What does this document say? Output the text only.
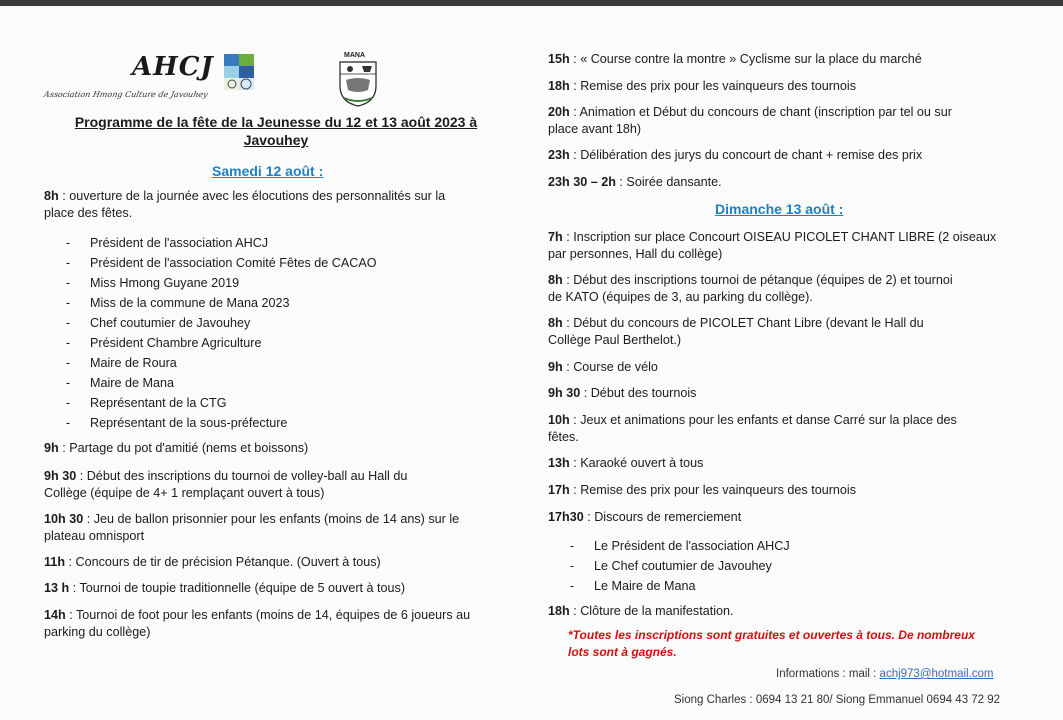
AHCJ
Association Hmong Culture de Javouhey
MANA
Programme de la fête de la Jeunesse du 12 et 13 août 2023 à
Javouhey
Samedi 12 août :

8h : ouverture de la journée avec les élocutions des personnalités sur la
place des fêtes.

- Président de l'association AHCJ
- Président de l'association Comité Fêtes de CACAO
- Miss Hmong Guyane 2019
- Miss de la commune de Mana 2023
- Chef coutumier de Javouhey
- Président Chambre Agriculture
- Maire de Roura
- Maire de Mana
- Représentant de la CTG
- Représentant de la sous-préfecture

9h : Partage du pot d'amitié (nems et boissons)

9h 30 : Début des inscriptions du tournoi de volley-ball au Hall du
Collège (équipe de 4+ 1 remplaçant ouvert à tous)

10h 30 : Jeu de ballon prisonnier pour les enfants (moins de 14 ans) sur le
plateau omnisport

11h : Concours de tir de précision Pétanque. (Ouvert à tous)

13 h : Tournoi de toupie traditionnelle (équipe de 5 ouvert à tous)

14h : Tournoi de foot pour les enfants (moins de 14, équipes de 6 joueurs au
parking du collège)

15h : « Course contre la montre » Cyclisme sur la place du marché

18h : Remise des prix pour les vainqueurs des tournois

20h : Animation et Début du concours de chant (inscription par tel ou sur
place avant 18h)

23h : Délibération des jurys du concourt de chant + remise des prix

23h 30 – 2h : Soirée dansante.

Dimanche 13 août :

7h : Inscription sur place Concourt OISEAU PICOLET CHANT LIBRE (2 oiseaux
par personnes, Hall du collège)

8h : Début des inscriptions tournoi de pétanque (équipes de 2) et tournoi
de KATO (équipes de 3, au parking du collège).

8h : Début du concours de PICOLET Chant Libre (devant le Hall du
Collège Paul Berthelot.)

9h : Course de vélo

9h 30 : Début des tournois

10h : Jeux et animations pour les enfants et danse Carré sur la place des
fêtes.

13h : Karaoké ouvert à tous

17h : Remise des prix pour les vainqueurs des tournois

17h30 : Discours de remerciement

- Le Président de l'association AHCJ
- Le Chef coutumier de Javouhey
- Le Maire de Mana

18h : Clôture de la manifestation.

*Toutes les inscriptions sont gratuites et ouvertes à tous. De nombreux
lots sont à gagnés.
Informations : mail : achj973@hotmail.com
Siong Charles : 0694 13 21 80/ Siong Emmanuel 0694 43 72 92
